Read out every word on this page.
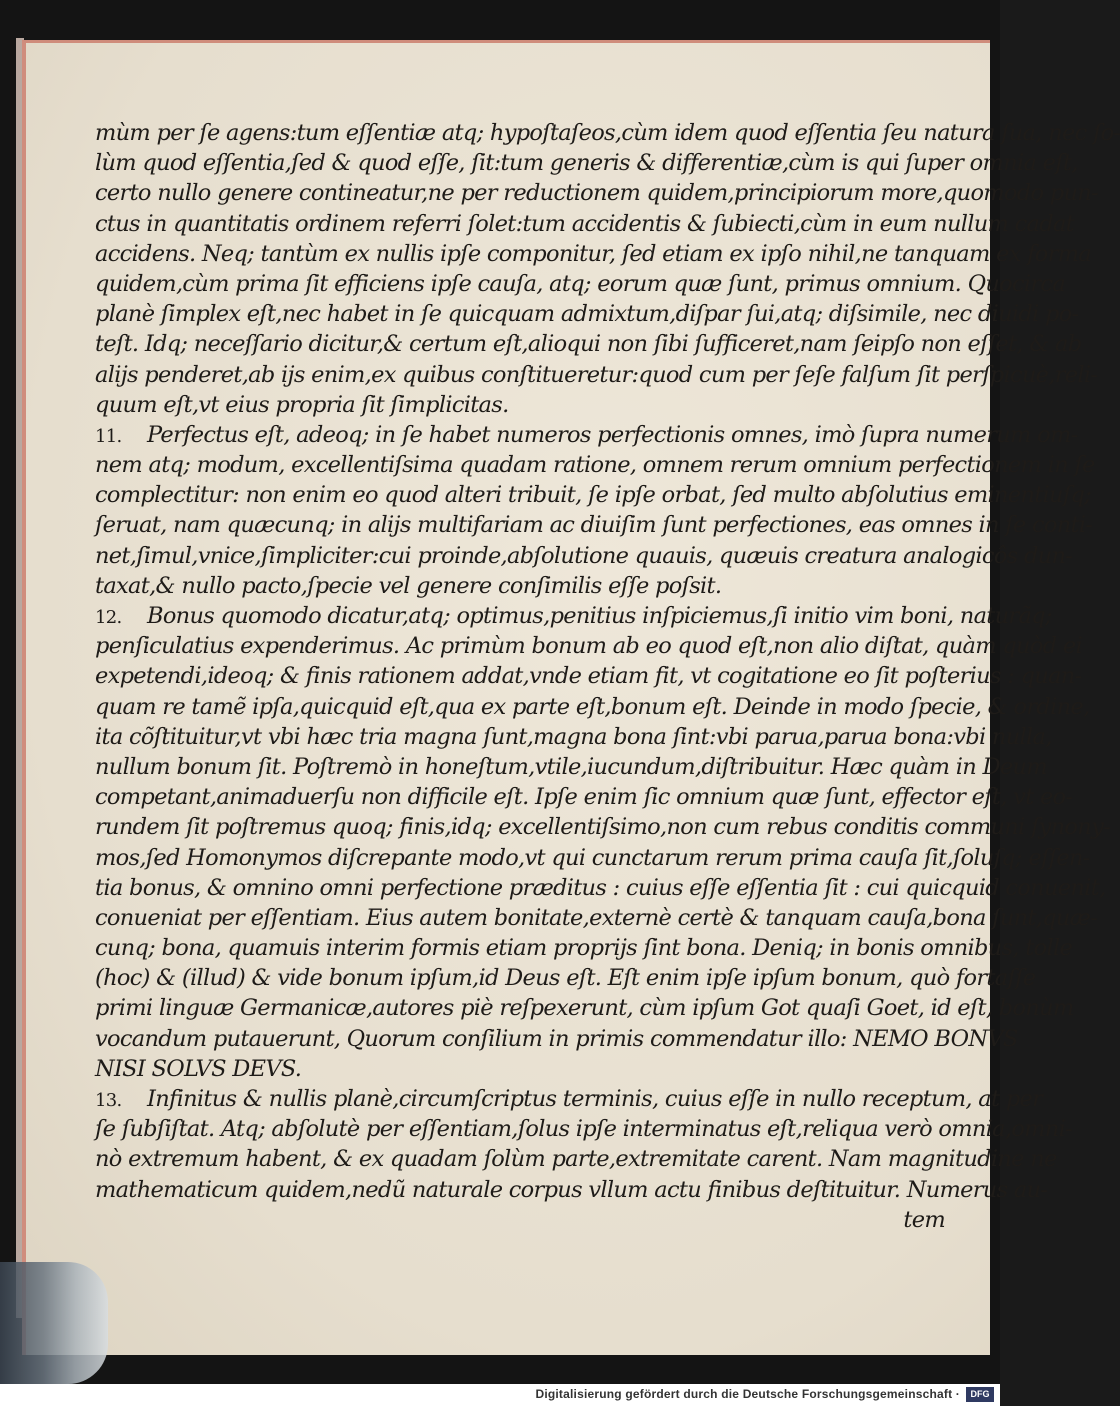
mùm per ſe agens:tum eſſentiæ atq; hypoſtaſeos,cùm idem quod eſſentia ſeu natura ſua, nec ſo-
lùm quod eſſentia,ſed & quod eſſe, ſit:tum generis & differentiæ,cùm is qui ſuper omnia eſt,
certo nullo genere contineatur,ne per reductionem quidem,principiorum more,quomodo pun-
ctus in quantitatis ordinem referri ſolet:tum accidentis & ſubiecti,cùm in eum nullum cadat
accidens. Neq; tantùm ex nullis ipſe componitur, ſed etiam ex ipſo nihil,ne tanquam ex forma
quidem,cùm prima ſit efficiens ipſe cauſa, atq; eorum quæ ſunt, primus omnium. Quocirca
planè ſimplex eſt,nec habet in ſe quicquam admixtum,diſpar ſui,atq; diſsimile, nec diuidi po-
teſt. Idq; neceſſario dicitur,& certum eſt,alioqui non ſibi ſufficeret,nam ſeipſo non eſſet, & ab
alijs penderet,ab ijs enim,ex quibus conſtitueretur:quod cum per ſeſe falſum ſit perſpicuè,reli-
quum eſt,vt eius propria ſit ſimplicitas.
11. Perfectus eſt, adeoq; in ſe habet numeros perfectionis omnes, imò ſupra numerum om-
nem atq; modum, excellentiſsima quadam ratione, omnem rerum omnium perfectionem in ſe
complectitur: non enim eo quod alteri tribuit, ſe ipſe orbat, ſed multo abſolutius eminentiuſq;
ſeruat, nam quæcunq; in alijs multifariam ac diuiſim ſunt perfectiones, eas omnes in ſe conti-
net,ſimul,vnice,ſimpliciter:cui proinde,abſolutione quauis, quæuis creatura analogicôs dun-
taxat,& nullo pacto,ſpecie vel genere conſimilis eſſe poſsit.
12. Bonus quomodo dicatur,atq; optimus,penitius inſpiciemus,ſi initio vim boni, naturãq;
penſiculatius expenderimus. Ac primùm bonum ab eo quod eſt,non alio diſtat, quàm quòd ei
expetendi,ideoq; & finis rationem addat,vnde etiam fit, vt cogitatione eo ſit poſterius : quan-
quam re tamẽ ipſa,quicquid eſt,qua ex parte eſt,bonum eſt. Deinde in modo ſpecie, & ordine,
ita cõſtituitur,vt vbi hæc tria magna ſunt,magna bona ſint:vbi parua,parua bona:vbi nulla,
nullum bonum ſit. Poſtremò in honeſtum,vtile,iucundum,diſtribuitur. Hæc quàm in Deum
competant,animaduerſu non difficile eſt. Ipſe enim ſic omnium quæ ſunt, effector eſt, vt eo-
rundem ſit poſtremus quoq; finis,idq; excellentiſsimo,non cum rebus conditis communi ſynony-
mos,ſed Homonymos diſcrepante modo,vt qui cunctarum rerum prima cauſa ſit,ſoluſq; eſſen-
tia bonus, & omnino omni perfectione præditus : cuius eſſe eſſentia ſit : cui quicquid conuenit,
conueniat per eſſentiam. Eius autem bonitate,externè certè & tanquam cauſa,bona ſunt,quæ-
cunq; bona, quamuis interim formis etiam proprijs ſint bona. Deniq; in bonis omnibus, tolle
(hoc) & (illud) & vide bonum ipſum,id Deus eſt. Eſt enim ipſe ipſum bonum, quò fortaſſe
primi linguæ Germanicæ,autores piè reſpexerunt, cùm ipſum Got quaſi Goet, id eſt, bonùm
vocandum putauerunt, Quorum conſilium in primis commendatur illo: NEMO BONVS
NISI SOLVS DEVS.
13. Infinitus & nullis planè,circumſcriptus terminis, cuius eſſe in nullo receptum, at per
ſe ſubſiſtat. Atq; abſolutè per eſſentiam,ſolus ipſe interminatus eſt,reliqua verò omnia,omni-
nò extremum habent, & ex quadam ſolùm parte,extremitate carent. Nam magnitudine ne
mathematicum quidem,nedũ naturale corpus vllum actu finibus deſtituitur. Numerus au-
tem
Digitalisierung gefördert durch die Deutsche Forschungsgemeinschaft ·	DFG
